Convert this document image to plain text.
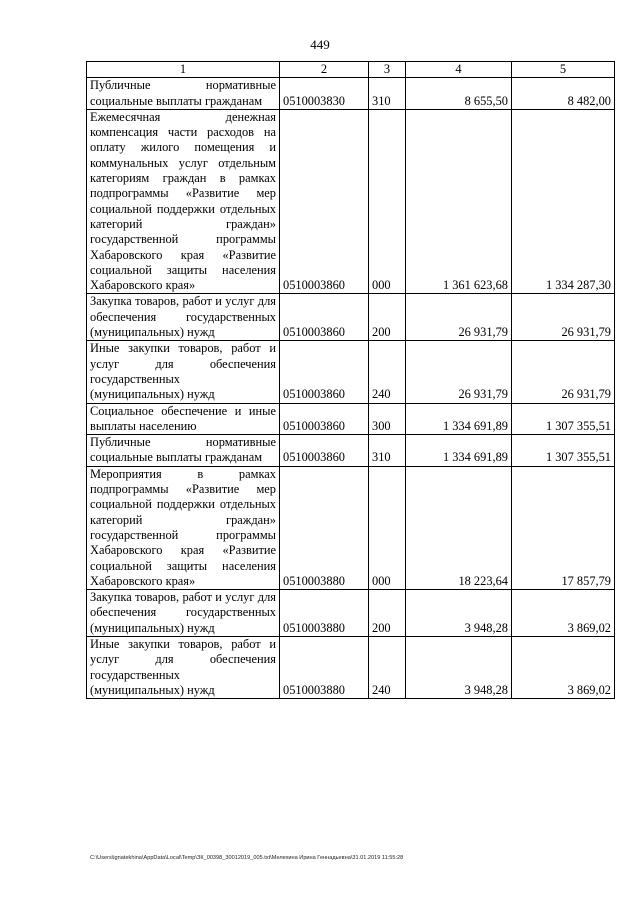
449
1	2	3	4	5
Публичные нормативные социальные выплаты гражданам	0510003830	310	8 655,50	8 482,00
Ежемесячная денежная компенсация части расходов на оплату жилого помещения и коммунальных услуг отдельным категориям граждан в рамках подпрограммы «Развитие мер социальной поддержки отдельных категорий граждан» государственной программы Хабаровского края «Развитие социальной защиты населения Хабаровского края»	0510003860	000	1 361 623,68	1 334 287,30
Закупка товаров, работ и услуг для обеспечения государственных (муниципальных) нужд	0510003860	200	26 931,79	26 931,79
Иные закупки товаров, работ и услуг для обеспечения государственных (муниципальных) нужд	0510003860	240	26 931,79	26 931,79
Социальное обеспечение и иные выплаты населению	0510003860	300	1 334 691,89	1 307 355,51
Публичные нормативные социальные выплаты гражданам	0510003860	310	1 334 691,89	1 307 355,51
Мероприятия в рамках подпрограммы «Развитие мер социальной поддержки отдельных категорий граждан» государственной программы Хабаровского края «Развитие социальной защиты населения Хабаровского края»	0510003880	000	18 223,64	17 857,79
Закупка товаров, работ и услуг для обеспечения государственных (муниципальных) нужд	0510003880	200	3 948,28	3 869,02
Иные закупки товаров, работ и услуг для обеспечения государственных (муниципальных) нужд	0510003880	240	3 948,28	3 869,02
C:\Users\ignatekhina\AppData\Local\Temp\ЗК_00398_30012019_005.txt\Мелехина Ирина Геннадьевна\31.01.2019 11:55:28
